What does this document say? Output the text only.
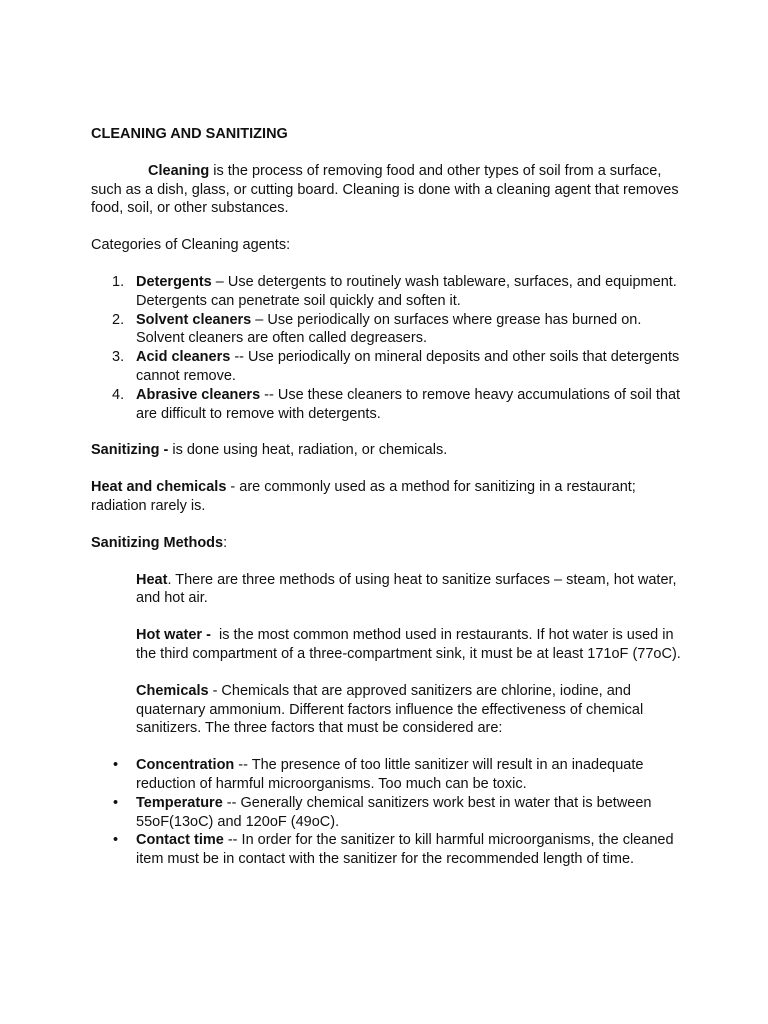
CLEANING AND SANITIZING

Cleaning is the process of removing food and other types of soil from a surface, such as a dish, glass, or cutting board. Cleaning is done with a cleaning agent that removes food, soil, or other substances.

Categories of Cleaning agents:

1. Detergents – Use detergents to routinely wash tableware, surfaces, and equipment. Detergents can penetrate soil quickly and soften it.
2. Solvent cleaners – Use periodically on surfaces where grease has burned on. Solvent cleaners are often called degreasers.
3. Acid cleaners -- Use periodically on mineral deposits and other soils that detergents cannot remove.
4. Abrasive cleaners -- Use these cleaners to remove heavy accumulations of soil that are difficult to remove with detergents.

Sanitizing - is done using heat, radiation, or chemicals.

Heat and chemicals - are commonly used as a method for sanitizing in a restaurant; radiation rarely is.

Sanitizing Methods:

Heat. There are three methods of using heat to sanitize surfaces – steam, hot water, and hot air.

Hot water -  is the most common method used in restaurants. If hot water is used in the third compartment of a three-compartment sink, it must be at least 171oF (77oC).

Chemicals - Chemicals that are approved sanitizers are chlorine, iodine, and quaternary ammonium. Different factors influence the effectiveness of chemical sanitizers. The three factors that must be considered are:

• Concentration -- The presence of too little sanitizer will result in an inadequate reduction of harmful microorganisms. Too much can be toxic.
• Temperature -- Generally chemical sanitizers work best in water that is between 55oF(13oC) and 120oF (49oC).
• Contact time -- In order for the sanitizer to kill harmful microorganisms, the cleaned item must be in contact with the sanitizer for the recommended length of time.
